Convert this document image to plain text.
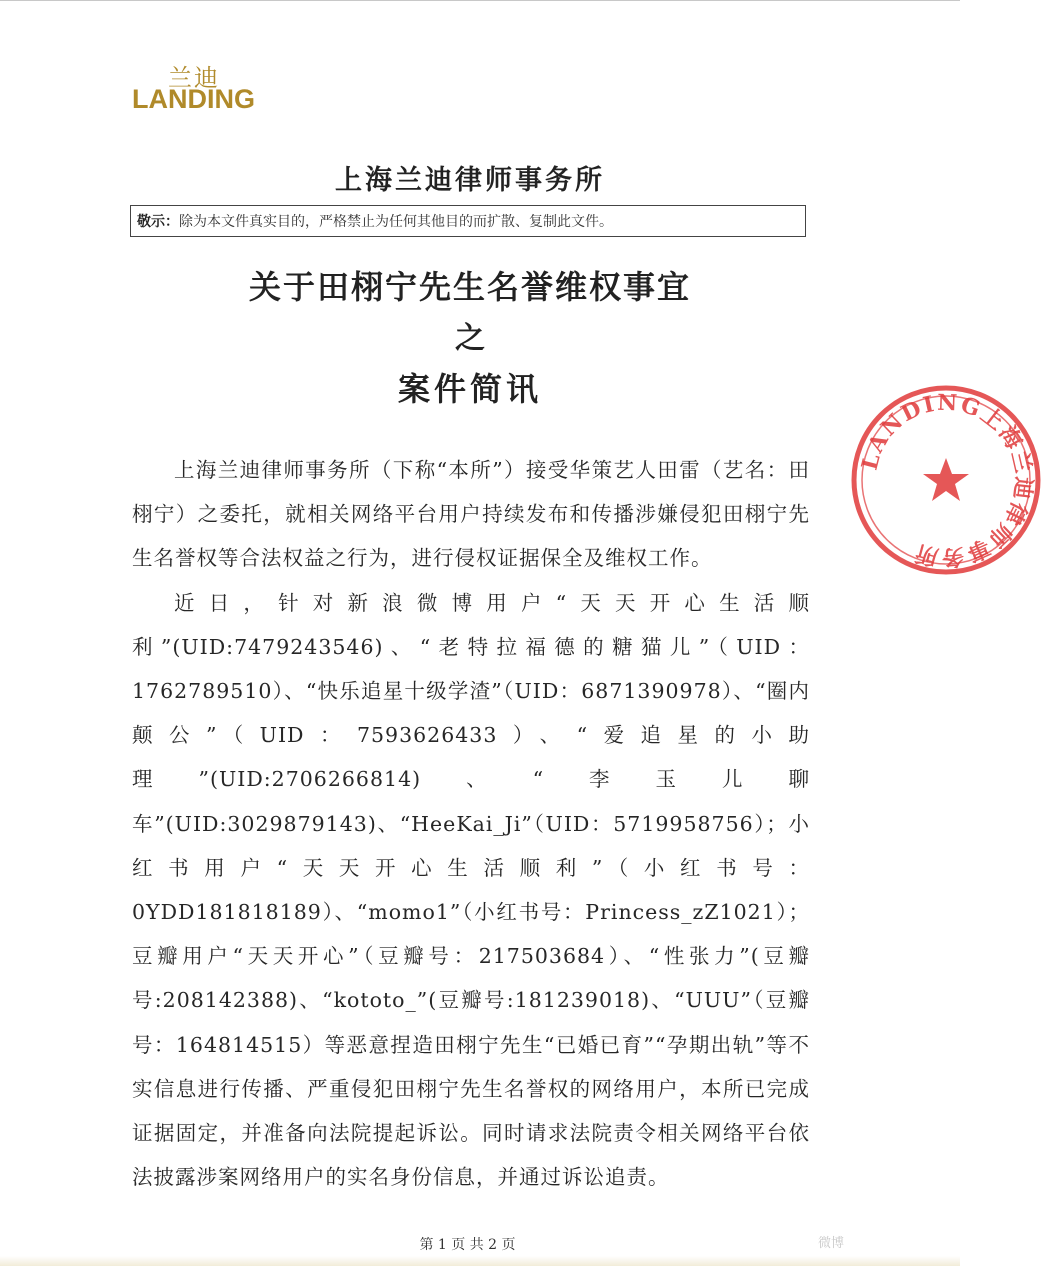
兰迪
LANDING
上海兰迪律师事务所
敬示：除为本文件真实目的，严格禁止为任何其他目的而扩散、复制此文件。
关于田栩宁先生名誉维权事宜
之
案件简讯

上海兰迪律师事务所（下称“本所”）接受华策艺人田雷（艺名：田栩宁）之委托，就相关网络平台用户持续发布和传播涉嫌侵犯田栩宁先生名誉权等合法权益之行为，进行侵权证据保全及维权工作。

近日，针对新浪微博用户“天天开心生活顺利”(UID:7479243546)、“老特拉福德的糖猫儿”（UID：1762789510）、“快乐追星十级学渣”（UID：6871390978）、“圈内颠公”（UID：7593626433）、“爱追星的小助理”(UID:2706266814)、“李玉儿聊车”(UID:3029879143)、“HeeKai_Ji”（UID：5719958756）；小红书用户“天天开心生活顺利”（小红书号：0YDD181818189）、“momo1”（小红书号：Princess_zZ1021）；豆瓣用户“天天开心”（豆瓣号：217503684）、“性张力”(豆瓣号:208142388)、“kototo_”(豆瓣号:181239018)、“UUU”（豆瓣号：164814515）等恶意捏造田栩宁先生“已婚已育”“孕期出轨”等不实信息进行传播、严重侵犯田栩宁先生名誉权的网络用户，本所已完成证据固定，并准备向法院提起诉讼。同时请求法院责令相关网络平台依法披露涉案网络用户的实名身份信息，并通过诉讼追责。

LANDING上海兰迪律师事务所
第 1 页 共 2 页	微博
